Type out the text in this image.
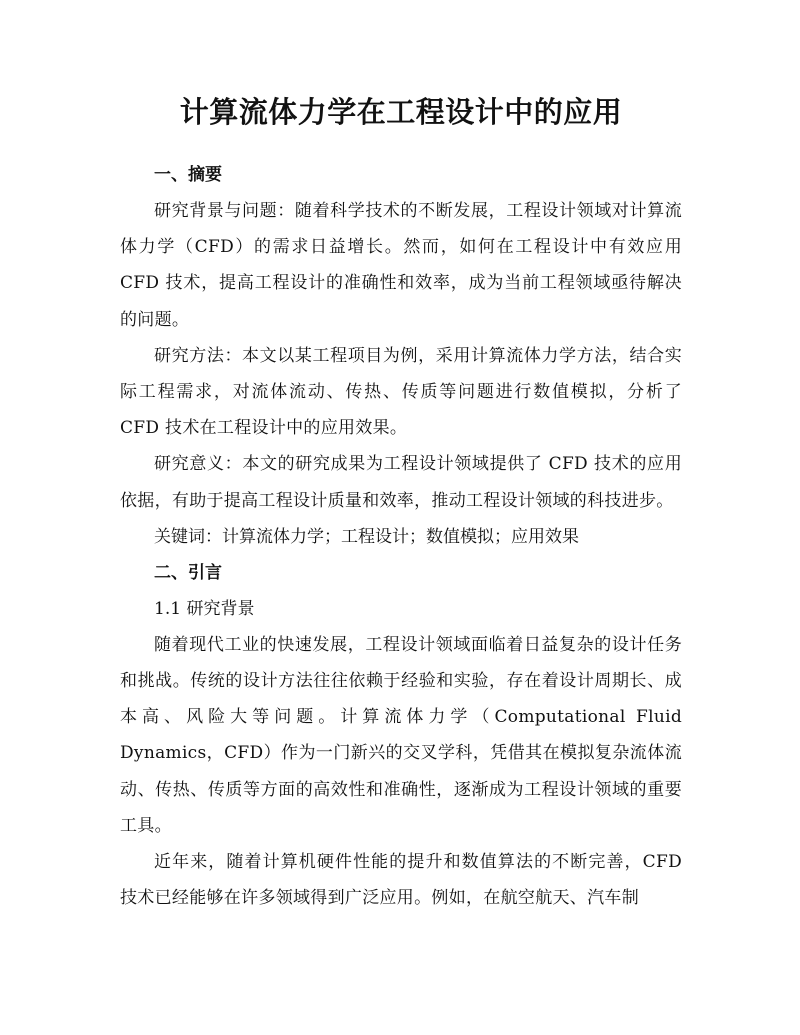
计算流体力学在工程设计中的应用

一、摘要

研究背景与问题：随着科学技术的不断发展，工程设计领域对计算流体力学（CFD）的需求日益增长。然而，如何在工程设计中有效应用 CFD 技术，提高工程设计的准确性和效率，成为当前工程领域亟待解决的问题。

研究方法：本文以某工程项目为例，采用计算流体力学方法，结合实际工程需求，对流体流动、传热、传质等问题进行数值模拟，分析了 CFD 技术在工程设计中的应用效果。

研究意义：本文的研究成果为工程设计领域提供了 CFD 技术的应用依据，有助于提高工程设计质量和效率，推动工程设计领域的科技进步。

关键词：计算流体力学；工程设计；数值模拟；应用效果

二、引言

1.1 研究背景

随着现代工业的快速发展，工程设计领域面临着日益复杂的设计任务和挑战。传统的设计方法往往依赖于经验和实验，存在着设计周期长、成本高、风险大等问题。计算流体力学（Computational Fluid Dynamics，CFD）作为一门新兴的交叉学科，凭借其在模拟复杂流体流动、传热、传质等方面的高效性和准确性，逐渐成为工程设计领域的重要工具。

近年来，随着计算机硬件性能的提升和数值算法的不断完善，CFD 技术已经能够在许多领域得到广泛应用。例如，在航空航天、汽车制
